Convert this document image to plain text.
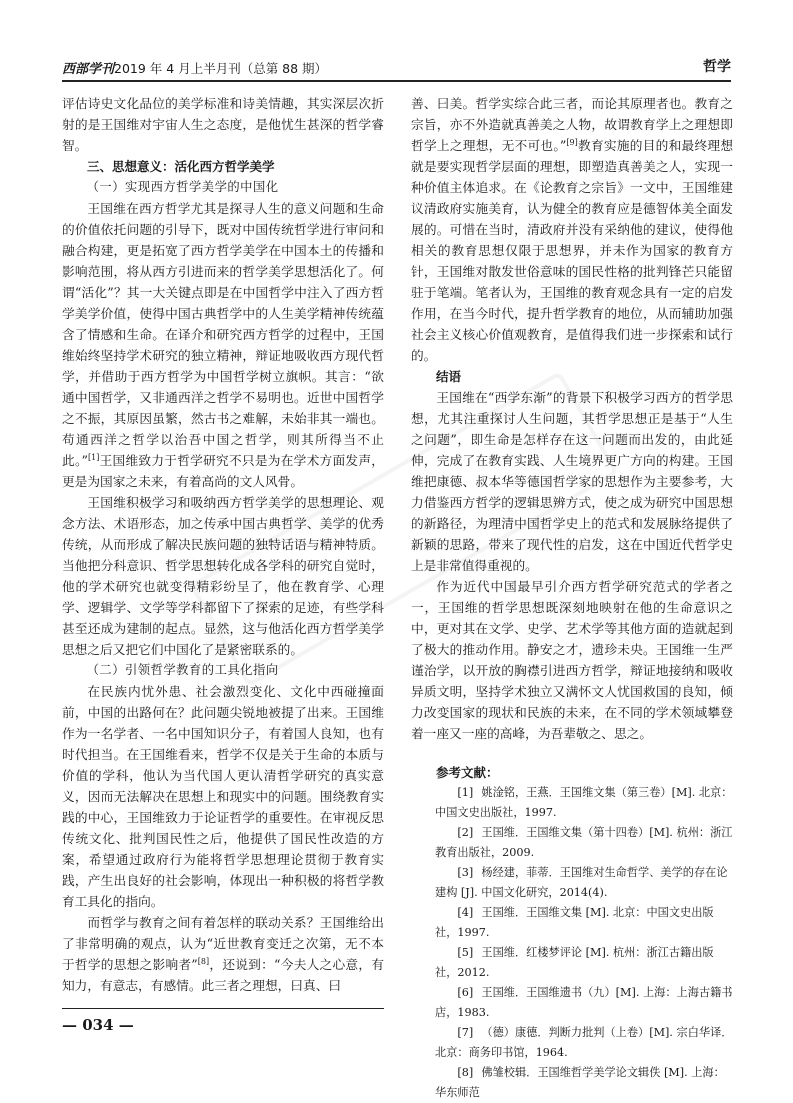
西部学刊2019 年 4 月上半月刊（总第 88 期）	哲学

评估诗史文化品位的美学标准和诗美情趣，其实深层次折射的是王国维对宇宙人生之态度，是他忧生甚深的哲学睿智。

三、思想意义：活化西方哲学美学

（一）实现西方哲学美学的中国化

王国维在西方哲学尤其是探寻人生的意义问题和生命的价值依托问题的引导下，既对中国传统哲学进行审问和融合构建，更是拓宽了西方哲学美学在中国本土的传播和影响范围，将从西方引进而来的哲学美学思想活化了。何谓“活化”？其一大关键点即是在中国哲学中注入了西方哲学美学价值，使得中国古典哲学中的人生美学精神传统蕴含了情感和生命。在译介和研究西方哲学的过程中，王国维始终坚持学术研究的独立精神，辩证地吸收西方现代哲学，并借助于西方哲学为中国哲学树立旗帜。其言：“欲通中国哲学，又非通西洋之哲学不易明也。近世中国哲学之不振，其原因虽繁，然古书之难解，未始非其一端也。苟通西洋之哲学以治吾中国之哲学，则其所得当不止此。”[1]王国维致力于哲学研究不只是为在学术方面发声，更是为国家之未来，有着高尚的文人风骨。

王国维积极学习和吸纳西方哲学美学的思想理论、观念方法、术语形态，加之传承中国古典哲学、美学的优秀传统，从而形成了解决民族问题的独特话语与精神特质。当他把分科意识、哲学思想转化成各学科的研究自觉时，他的学术研究也就变得精彩纷呈了，他在教育学、心理学、逻辑学、文学等学科都留下了探索的足迹，有些学科甚至还成为建制的起点。显然，这与他活化西方哲学美学思想之后又把它们中国化了是紧密联系的。

（二）引领哲学教育的工具化指向

在民族内忧外患、社会激烈变化、文化中西碰撞面前，中国的出路何在？此问题尖锐地被提了出来。王国维作为一名学者、一名中国知识分子，有着国人良知，也有时代担当。在王国维看来，哲学不仅是关于生命的本质与价值的学科，他认为当代国人更认清哲学研究的真实意义，因而无法解决在思想上和现实中的问题。围绕教育实践的中心，王国维致力于论证哲学的重要性。在审视反思传统文化、批判国民性之后，他提供了国民性改造的方案，希望通过政府行为能将哲学思想理论贯彻于教育实践，产生出良好的社会影响，体现出一种积极的将哲学教育工具化的指向。

而哲学与教育之间有着怎样的联动关系？王国维给出了非常明确的观点，认为“近世教育变迁之次第，无不本于哲学的思想之影响者”[8]，还说到：“今夫人之心意，有知力，有意志，有感情。此三者之理想，曰真、曰

善、曰美。哲学实综合此三者，而论其原理者也。教育之宗旨，亦不外造就真善美之人物，故谓教育学上之理想即哲学上之理想，无不可也。”[9]教育实施的目的和最终理想就是要实现哲学层面的理想，即塑造真善美之人，实现一种价值主体追求。在《论教育之宗旨》一文中，王国维建议清政府实施美育，认为健全的教育应是德智体美全面发展的。可惜在当时，清政府并没有采纳他的建议，使得他相关的教育思想仅限于思想界，并未作为国家的教育方针，王国维对散发世俗意味的国民性格的批判锋芒只能留驻于笔端。笔者认为，王国维的教育观念具有一定的启发作用，在当今时代，提升哲学教育的地位，从而辅助加强社会主义核心价值观教育，是值得我们进一步探索和试行的。

结语

王国维在“西学东渐”的背景下积极学习西方的哲学思想，尤其注重探讨人生问题，其哲学思想正是基于“人生之问题”，即生命是怎样存在这一问题而出发的，由此延伸，完成了在教育实践、人生境界更广方向的构建。王国维把康德、叔本华等德国哲学家的思想作为主要参考，大力借鉴西方哲学的逻辑思辨方式，使之成为研究中国思想的新路径，为理清中国哲学史上的范式和发展脉络提供了新颖的思路，带来了现代性的启发，这在中国近代哲学史上是非常值得重视的。

作为近代中国最早引介西方哲学研究范式的学者之一，王国维的哲学思想既深刻地映射在他的生命意识之中，更对其在文学、史学、艺术学等其他方面的造就起到了极大的推动作用。静安之才，遗珍未央。王国维一生严谨治学，以开放的胸襟引进西方哲学，辩证地接纳和吸收异质文明，坚持学术独立又满怀文人忧国救国的良知，倾力改变国家的现状和民族的未来，在不同的学术领域攀登着一座又一座的高峰，为吾辈敬之、思之。

参考文献：

[1] 姚淦铭，王燕．王国维文集（第三卷）[M]. 北京：中国文史出版社，1997.

[2] 王国维．王国维文集（第十四卷）[M]. 杭州：浙江教育出版社，2009.

[3] 杨经建，菲蒂．王国维对生命哲学、美学的存在论建构 [J]. 中国文化研究，2014(4).

[4] 王国维．王国维文集 [M]. 北京：中国文史出版社，1997.

[5] 王国维．红楼梦评论 [M]. 杭州：浙江古籍出版社，2012.

[6] 王国维．王国维遗书（九）[M]. 上海：上海古籍书店，1983.

[7] （德）康德．判断力批判（上卷）[M]. 宗白华译．北京：商务印书馆，1964.

[8] 佛雏校辑．王国维哲学美学论文辑佚 [M]. 上海：华东师范

— 034 —
